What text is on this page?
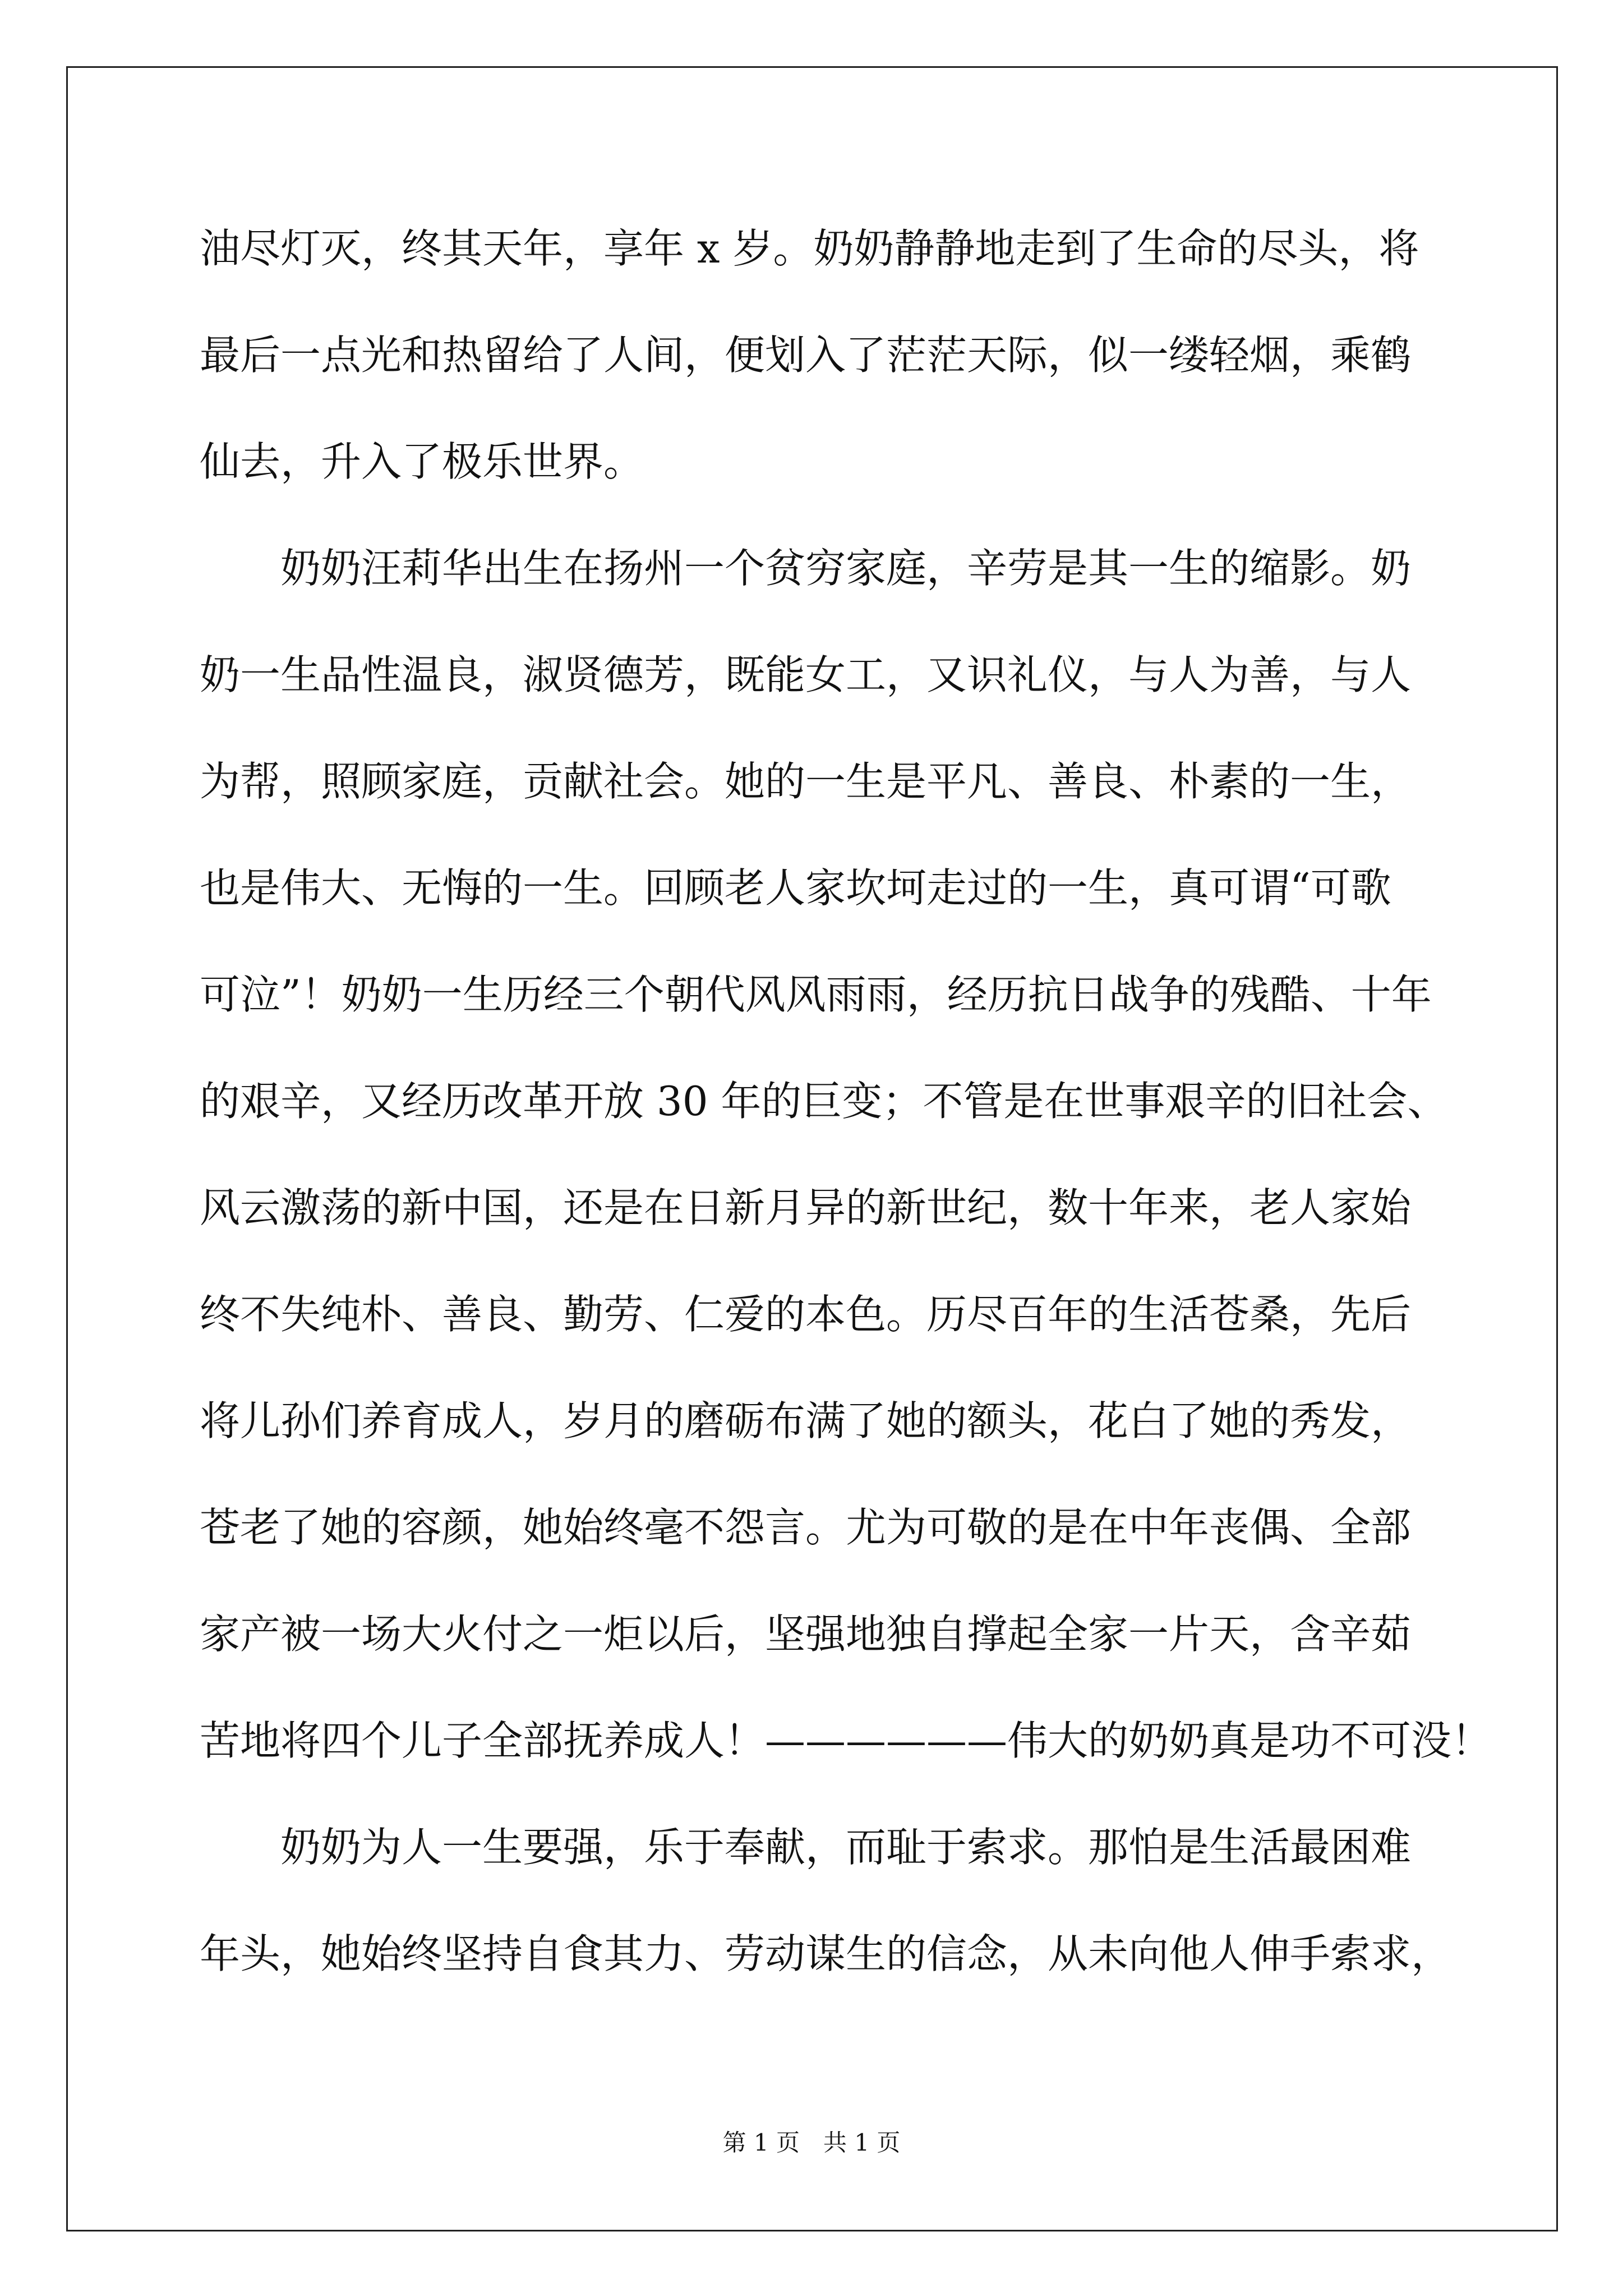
油尽灯灭，终其天年，享年 x 岁。奶奶静静地走到了生命的尽头，将
最后一点光和热留给了人间，便划入了茫茫天际，似一缕轻烟，乘鹤
仙去，升入了极乐世界。
　　奶奶汪莉华出生在扬州一个贫穷家庭，辛劳是其一生的缩影。奶
奶一生品性温良，淑贤德芳，既能女工，又识礼仪，与人为善，与人
为帮，照顾家庭，贡献社会。她的一生是平凡、善良、朴素的一生，
也是伟大、无悔的一生。回顾老人家坎坷走过的一生，真可谓“可歌
可泣”！奶奶一生历经三个朝代风风雨雨，经历抗日战争的残酷、十年
的艰辛，又经历改革开放 30 年的巨变；不管是在世事艰辛的旧社会、
风云激荡的新中国，还是在日新月异的新世纪，数十年来，老人家始
终不失纯朴、善良、勤劳、仁爱的本色。历尽百年的生活苍桑，先后
将儿孙们养育成人，岁月的磨砺布满了她的额头，花白了她的秀发，
苍老了她的容颜，她始终毫不怨言。尤为可敬的是在中年丧偶、全部
家产被一场大火付之一炬以后，坚强地独自撑起全家一片天，含辛茹
苦地将四个儿子全部抚养成人！——————伟大的奶奶真是功不可没！
　　奶奶为人一生要强，乐于奉献，而耻于索求。那怕是生活最困难
年头，她始终坚持自食其力、劳动谋生的信念，从未向他人伸手索求，
第 1 页　共 1 页
